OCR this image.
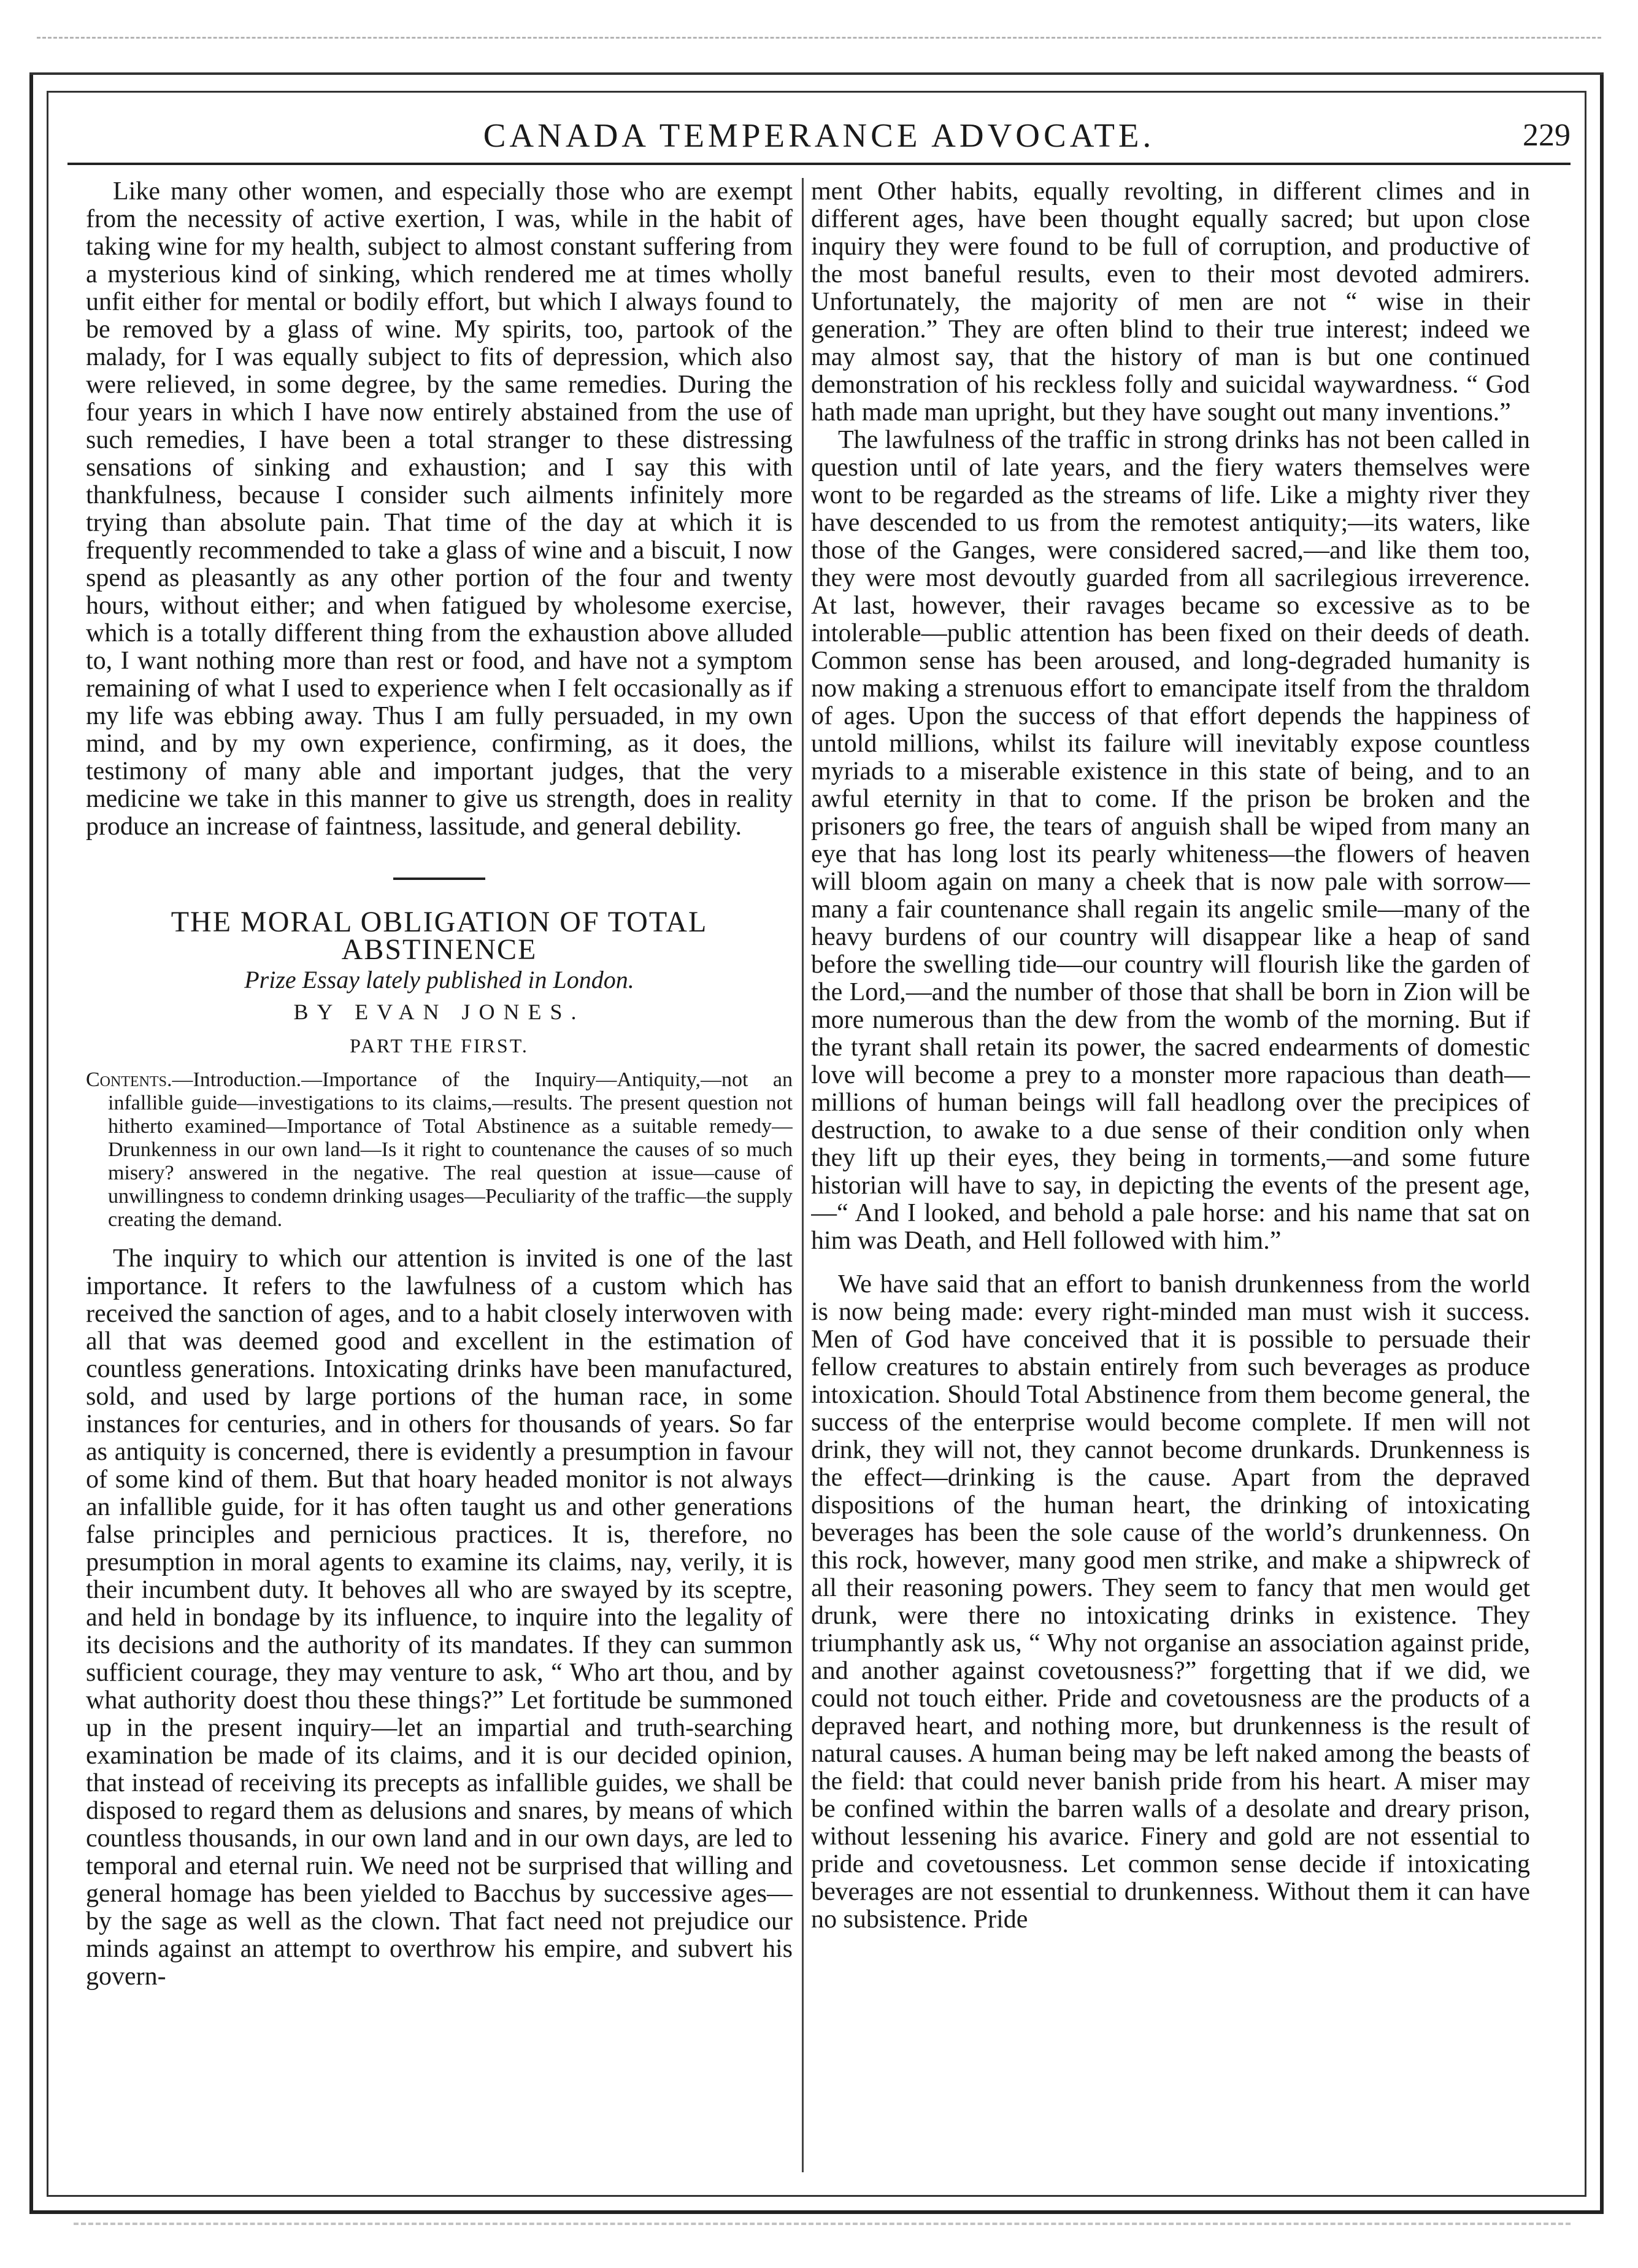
CANADA TEMPERANCE ADVOCATE.	229

Like many other women, and especially those who are exempt from the necessity of active exertion, I was, while in the habit of taking wine for my health, subject to almost constant suffering from a mysterious kind of sinking, which rendered me at times wholly unfit either for mental or bodily effort, but which I always found to be removed by a glass of wine. My spirits, too, partook of the malady, for I was equally subject to fits of depression, which also were relieved, in some degree, by the same remedies. During the four years in which I have now entirely abstained from the use of such remedies, I have been a total stranger to these distressing sensations of sinking and exhaustion; and I say this with thankfulness, because I consider such ailments infinitely more trying than absolute pain. That time of the day at which it is frequently recommended to take a glass of wine and a biscuit, I now spend as pleasantly as any other portion of the four and twenty hours, without either; and when fatigued by wholesome exercise, which is a totally different thing from the exhaustion above alluded to, I want nothing more than rest or food, and have not a symptom remaining of what I used to experience when I felt occasionally as if my life was ebbing away. Thus I am fully persuaded, in my own mind, and by my own experience, confirming, as it does, the testimony of many able and important judges, that the very medicine we take in this manner to give us strength, does in reality produce an increase of faintness, lassitude, and general debility.

THE MORAL OBLIGATION OF TOTAL ABSTINENCE

Prize Essay lately published in London.

BY EVAN JONES.

PART THE FIRST.

Contents.—Introduction.—Importance of the Inquiry—Antiquity,—not an infallible guide—investigations to its claims,—results. The present question not hitherto examined—Importance of Total Abstinence as a suitable remedy—Drunkenness in our own land—Is it right to countenance the causes of so much misery? answered in the negative. The real question at issue—cause of unwillingness to condemn drinking usages—Peculiarity of the traffic—the supply creating the demand.

The inquiry to which our attention is invited is one of the last importance. It refers to the lawfulness of a custom which has received the sanction of ages, and to a habit closely interwoven with all that was deemed good and excellent in the estimation of countless generations. Intoxicating drinks have been manufactured, sold, and used by large portions of the human race, in some instances for centuries, and in others for thousands of years. So far as antiquity is concerned, there is evidently a presumption in favour of some kind of them. But that hoary headed monitor is not always an infallible guide, for it has often taught us and other generations false principles and pernicious practices. It is, therefore, no presumption in moral agents to examine its claims, nay, verily, it is their incumbent duty. It behoves all who are swayed by its sceptre, and held in bondage by its influence, to inquire into the legality of its decisions and the authority of its mandates. If they can summon sufficient courage, they may venture to ask, “ Who art thou, and by what authority doest thou these things?” Let fortitude be summoned up in the present inquiry—let an impartial and truth-searching examination be made of its claims, and it is our decided opinion, that instead of receiving its precepts as infallible guides, we shall be disposed to regard them as delusions and snares, by means of which countless thousands, in our own land and in our own days, are led to temporal and eternal ruin. We need not be surprised that willing and general homage has been yielded to Bacchus by successive ages—by the sage as well as the clown. That fact need not prejudice our minds against an attempt to overthrow his empire, and subvert his govern-

ment Other habits, equally revolting, in different climes and in different ages, have been thought equally sacred; but upon close inquiry they were found to be full of corruption, and productive of the most baneful results, even to their most devoted admirers. Unfortunately, the majority of men are not “ wise in their generation.” They are often blind to their true interest; indeed we may almost say, that the history of man is but one continued demonstration of his reckless folly and suicidal waywardness. “ God hath made man upright, but they have sought out many inventions.”

The lawfulness of the traffic in strong drinks has not been called in question until of late years, and the fiery waters themselves were wont to be regarded as the streams of life. Like a mighty river they have descended to us from the remotest antiquity;—its waters, like those of the Ganges, were considered sacred,—and like them too, they were most devoutly guarded from all sacrilegious irreverence. At last, however, their ravages became so excessive as to be intolerable—public attention has been fixed on their deeds of death. Common sense has been aroused, and long-degraded humanity is now making a strenuous effort to emancipate itself from the thraldom of ages. Upon the success of that effort depends the happiness of untold millions, whilst its failure will inevitably expose countless myriads to a miserable existence in this state of being, and to an awful eternity in that to come. If the prison be broken and the prisoners go free, the tears of anguish shall be wiped from many an eye that has long lost its pearly whiteness—the flowers of heaven will bloom again on many a cheek that is now pale with sorrow—many a fair countenance shall regain its angelic smile—many of the heavy burdens of our country will disappear like a heap of sand before the swelling tide—our country will flourish like the garden of the Lord,—and the number of those that shall be born in Zion will be more numerous than the dew from the womb of the morning. But if the tyrant shall retain its power, the sacred endearments of domestic love will become a prey to a monster more rapacious than death—millions of human beings will fall headlong over the precipices of destruction, to awake to a due sense of their condition only when they lift up their eyes, they being in torments,—and some future historian will have to say, in depicting the events of the present age, —“ And I looked, and behold a pale horse: and his name that sat on him was Death, and Hell followed with him.”

We have said that an effort to banish drunkenness from the world is now being made: every right-minded man must wish it success. Men of God have conceived that it is possible to persuade their fellow creatures to abstain entirely from such beverages as produce intoxication. Should Total Abstinence from them become general, the success of the enterprise would become complete. If men will not drink, they will not, they cannot become drunkards. Drunkenness is the effect—drinking is the cause. Apart from the depraved dispositions of the human heart, the drinking of intoxicating beverages has been the sole cause of the world’s drunkenness. On this rock, however, many good men strike, and make a shipwreck of all their reasoning powers. They seem to fancy that men would get drunk, were there no intoxicating drinks in existence. They triumphantly ask us, “ Why not organise an association against pride, and another against covetousness?” forgetting that if we did, we could not touch either. Pride and covetousness are the products of a depraved heart, and nothing more, but drunkenness is the result of natural causes. A human being may be left naked among the beasts of the field: that could never banish pride from his heart. A miser may be confined within the barren walls of a desolate and dreary prison, without lessening his avarice. Finery and gold are not essential to pride and covetousness. Let common sense decide if intoxicating beverages are not essential to drunkenness. Without them it can have no subsistence. Pride
